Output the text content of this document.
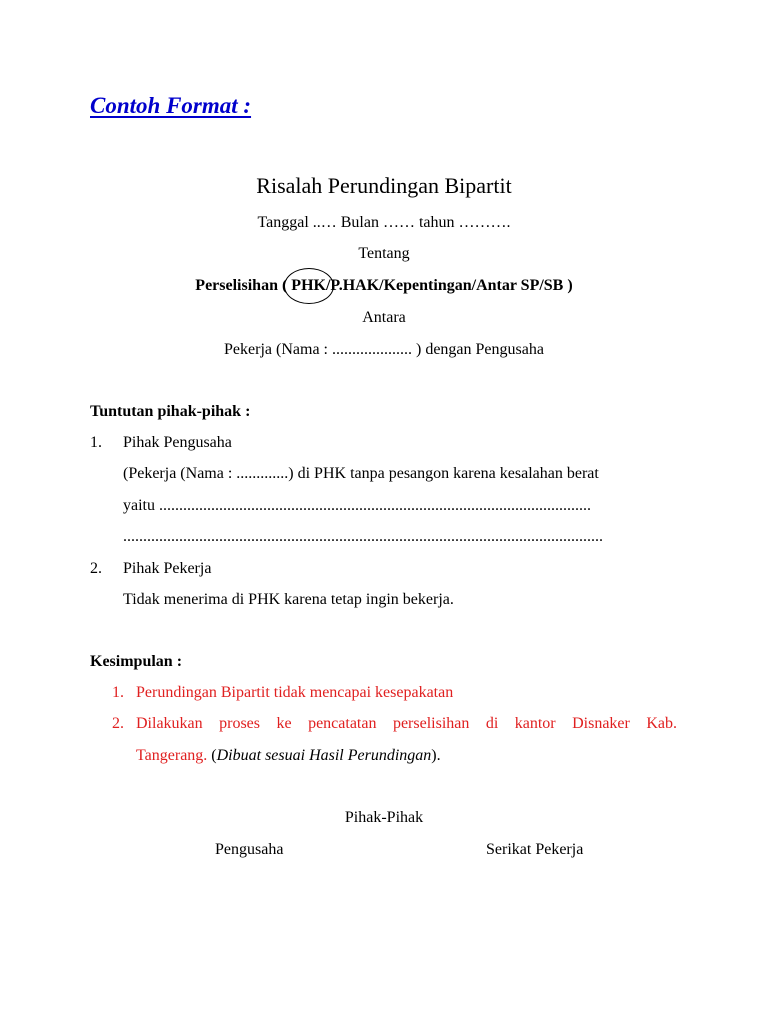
Contoh Format :
Risalah Perundingan Bipartit
Tanggal ..… Bulan …… tahun ……….
Tentang
Perselisihan ( PHK/P.HAK/Kepentingan/Antar SP/SB )
Antara
Pekerja (Nama : .................... ) dengan Pengusaha
Tuntutan pihak-pihak :
1. Pihak Pengusaha
(Pekerja (Nama : .............) di PHK tanpa pesangon karena kesalahan berat
yaitu ............................................................................................................
........................................................................................................................
2. Pihak Pekerja
Tidak menerima di PHK karena tetap ingin bekerja.
Kesimpulan :
1. Perundingan Bipartit tidak mencapai kesepakatan
2. Dilakukan proses ke pencatatan perselisihan di kantor Disnaker Kab.
Tangerang. (Dibuat sesuai Hasil Perundingan).
Pihak-Pihak
Pengusaha	Serikat Pekerja
